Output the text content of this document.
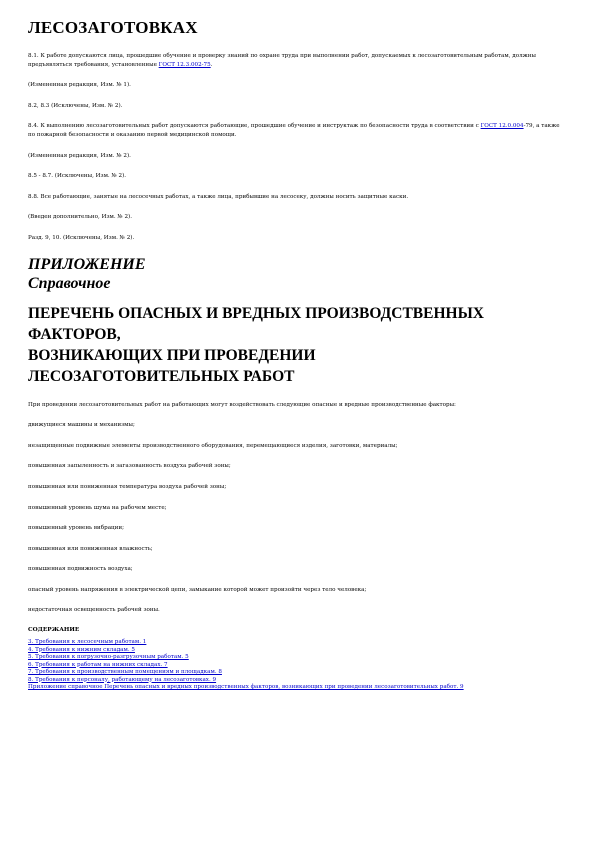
ЛЕСОЗАГОТОВКАХ

8.1. К работе допускаются лица, прошедшие обучение и проверку знаний по охране труда при выполнении работ, допускаемых к лесозаготовительным работам, должны предъявляться требования, установленные ГОСТ 12.3.002-75.

(Измененная редакция, Изм. № 1).

8.2, 8.3 (Исключены, Изм. № 2).

8.4. К выполнению лесозаготовительных работ допускаются работающие, прошедшие обучение и инструктаж по безопасности труда в соответствии с ГОСТ 12.0.004-79, а также по пожарной безопасности и оказанию первой медицинской помощи.

(Измененная редакция, Изм. № 2).

8.5 - 8.7. (Исключены, Изм. № 2).

8.8. Все работающие, занятые на лесосечных работах, а также лица, прибывшие на лесосеку, должны носить защитные каски.

(Введен дополнительно, Изм. № 2).

Разд. 9, 10. (Исключены, Изм. № 2).

ПРИЛОЖЕНИЕ
Справочное
ПЕРЕЧЕНЬ ОПАСНЫХ И ВРЕДНЫХ ПРОИЗВОДСТВЕННЫХ
ФАКТОРОВ,
ВОЗНИКАЮЩИХ ПРИ ПРОВЕДЕНИИ
ЛЕСОЗАГОТОВИТЕЛЬНЫХ РАБОТ

При проведении лесозаготовительных работ на работающих могут воздействовать следующие опасные и вредные производственные факторы:

движущиеся машины и механизмы;

незащищенные подвижные элементы производственного оборудования, перемещающиеся изделия, заготовки, материалы;

повышенная запыленность и загазованность воздуха рабочей зоны;

повышенная или пониженная температура воздуха рабочей зоны;

повышенный уровень шума на рабочем месте;

повышенный уровень вибрации;

повышенная или пониженная влажность;

повышенная подвижность воздуха;

опасный уровень напряжения в электрической цепи, замыкание которой может произойти через тело человека;

недостаточная освещенность рабочей зоны.

СОДЕРЖАНИЕ
3. Требования к лесосечным работам. 1
4. Требования к нижним складам. 5
5. Требования к погрузочно-разгрузочным работам. 5
6. Требования к работам на нижних складах. 7
7. Требования к производственным помещениям и площадкам. 8
8. Требования к персоналу, работающему на лесозаготовках. 9
Приложение справочное Перечень опасных и вредных производственных факторов, возникающих при проведении лесозаготовительных работ. 9
